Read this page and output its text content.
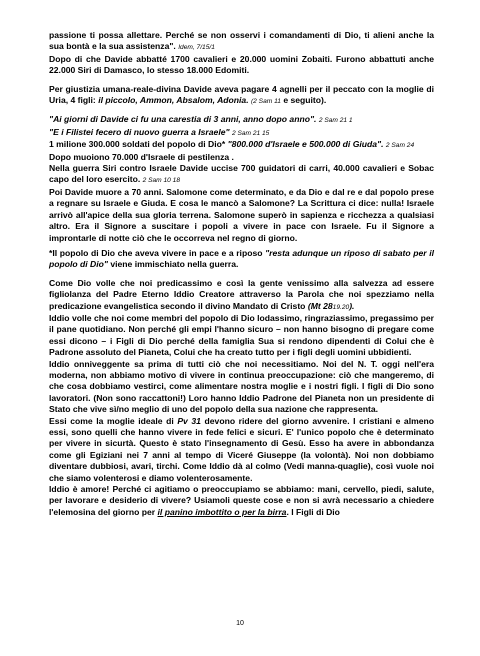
passione ti possa allettare. Perché se non osservi i comandamenti di Dio, ti alieni anche la sua bontà e la sua assistenza". Idem, 7/15/1

Dopo di che Davide abbatté 1700 cavalieri e 20.000 uomini Zobaiti. Furono abbattuti anche 22.000 Siri di Damasco, lo stesso 18.000 Edomiti.

Per giustizia umana-reale-divina Davide aveva pagare 4 agnelli per il peccato con la moglie di Uria, 4 figli: il piccolo, Ammon, Absalom, Adonia. (2 Sam 11 e seguito).

"Ai giorni di Davide ci fu una carestia di 3 anni, anno dopo anno". 2 Sam 21 1

"E i Filistei fecero di nuovo guerra a Israele" 2 Sam 21 15

1 milione 300.000 soldati del popolo di Dio* "800.000 d'Israele e 500.000 di Giuda". 2 Sam 24

Dopo muoiono 70.000 d'Israele di pestilenza .

Nella guerra Siri contro Israele Davide uccise 700 guidatori di carri, 40.000 cavalieri e Sobac capo del loro esercito. 2 Sam 10 18

Poi Davide muore a 70 anni. Salomone come determinato, e da Dio e dal re e dal popolo prese a regnare su Israele e Giuda. E cosa le mancò a Salomone? La Scrittura ci dice: nulla! Israele arrivò all'apice della sua gloria terrena. Salomone superò in sapienza e ricchezza a qualsiasi altro. Era il Signore a suscitare i popoli a vivere in pace con Israele. Fu il Signore a improntarle di notte ciò che le occorreva nel regno di giorno.

*Il popolo di Dio che aveva vivere in pace e a riposo "resta adunque un riposo di sabato per il popolo di Dio" viene immischiato nella guerra.

Come Dio volle che noi predicassimo e così la gente venissimo alla salvezza ad essere figliolanza del Padre Eterno Iddio Creatore attraverso la Parola che noi spezziamo nella predicazione evangelistica secondo il divino Mandato di Cristo (Mt 2819.20).

Iddio volle che noi come membri del popolo di Dio lodassimo, ringraziassimo, pregassimo per il pane quotidiano. Non perché gli empi l'hanno sicuro – non hanno bisogno di pregare come essi dicono – i Figli di Dio perché della famiglia Sua si rendono dipendenti di Colui che è Padrone assoluto del Pianeta, Colui che ha creato tutto per i figli degli uomini ubbidienti.

Iddio onniveggente sa prima di tutti ciò che noi necessitiamo. Noi del N. T. oggi nell'era moderna, non abbiamo motivo di vivere in continua preoccupazione: ciò che mangeremo, di che cosa dobbiamo vestirci, come alimentare nostra moglie e i nostri figli. I figli di Dio sono lavoratori. (Non sono raccattoni!) Loro hanno Iddio Padrone del Pianeta non un presidente di Stato che vive sì/no meglio di uno del popolo della sua nazione che rappresenta.

Essi come la moglie ideale di Pv 31 devono ridere del giorno avvenire. I cristiani e almeno essi, sono quelli che hanno vivere in fede felici e sicuri. E' l'unico popolo che è determinato per vivere in sicurtà. Questo è stato l'insegnamento di Gesù. Esso ha avere in abbondanza come gli Egiziani nei 7 anni al tempo di Viceré Giuseppe (la volontà). Noi non dobbiamo diventare dubbiosi, avari, tirchi. Come Iddio dà al colmo (Vedi manna-quaglie), così vuole noi che siamo volenterosi e diamo volenterosamente.

Iddio è amore! Perché ci agitiamo o preoccupiamo se abbiamo: mani, cervello, piedi, salute, per lavorare e desiderio di vivere? Usiamoli queste cose e non si avrà necessario a chiedere l'elemosina del giorno per il panino imbottito o per la birra. I Figli di Dio

10
